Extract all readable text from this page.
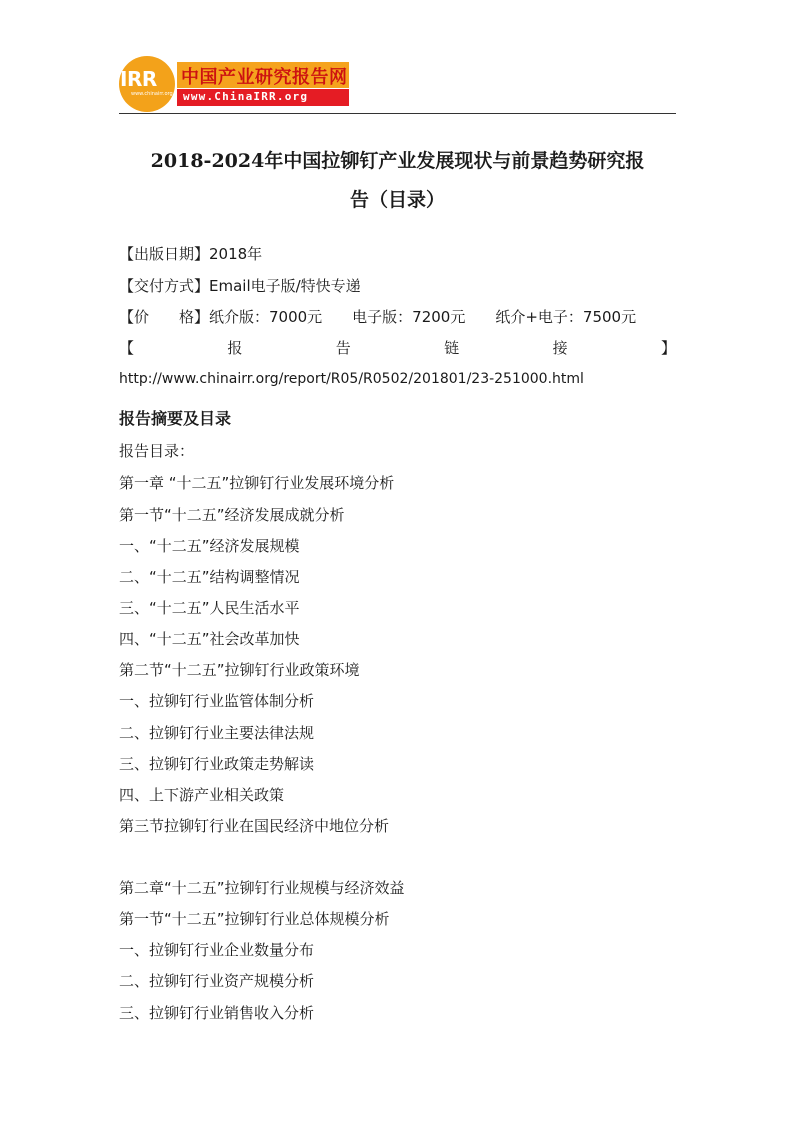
IRR
www.chinairr.org
中国产业研究报告网
www.ChinaIRR.org
2018-2024年中国拉铆钉产业发展现状与前景趋势研究报
告（目录）
【出版日期】2018年
【交付方式】Email电子版/特快专递
【价　　格】纸介版：7000元　　电子版：7200元　　纸介+电子：7500元
【	报	告	链	接	】
http://www.chinairr.org/report/R05/R0502/201801/23-251000.html
报告摘要及目录
报告目录：
第一章 “十二五”拉铆钉行业发展环境分析
第一节“十二五”经济发展成就分析
一、“十二五”经济发展规模
二、“十二五”结构调整情况
三、“十二五”人民生活水平
四、“十二五”社会改革加快
第二节“十二五”拉铆钉行业政策环境
一、拉铆钉行业监管体制分析
二、拉铆钉行业主要法律法规
三、拉铆钉行业政策走势解读
四、上下游产业相关政策
第三节拉铆钉行业在国民经济中地位分析
第二章“十二五”拉铆钉行业规模与经济效益
第一节“十二五”拉铆钉行业总体规模分析
一、拉铆钉行业企业数量分布
二、拉铆钉行业资产规模分析
三、拉铆钉行业销售收入分析
